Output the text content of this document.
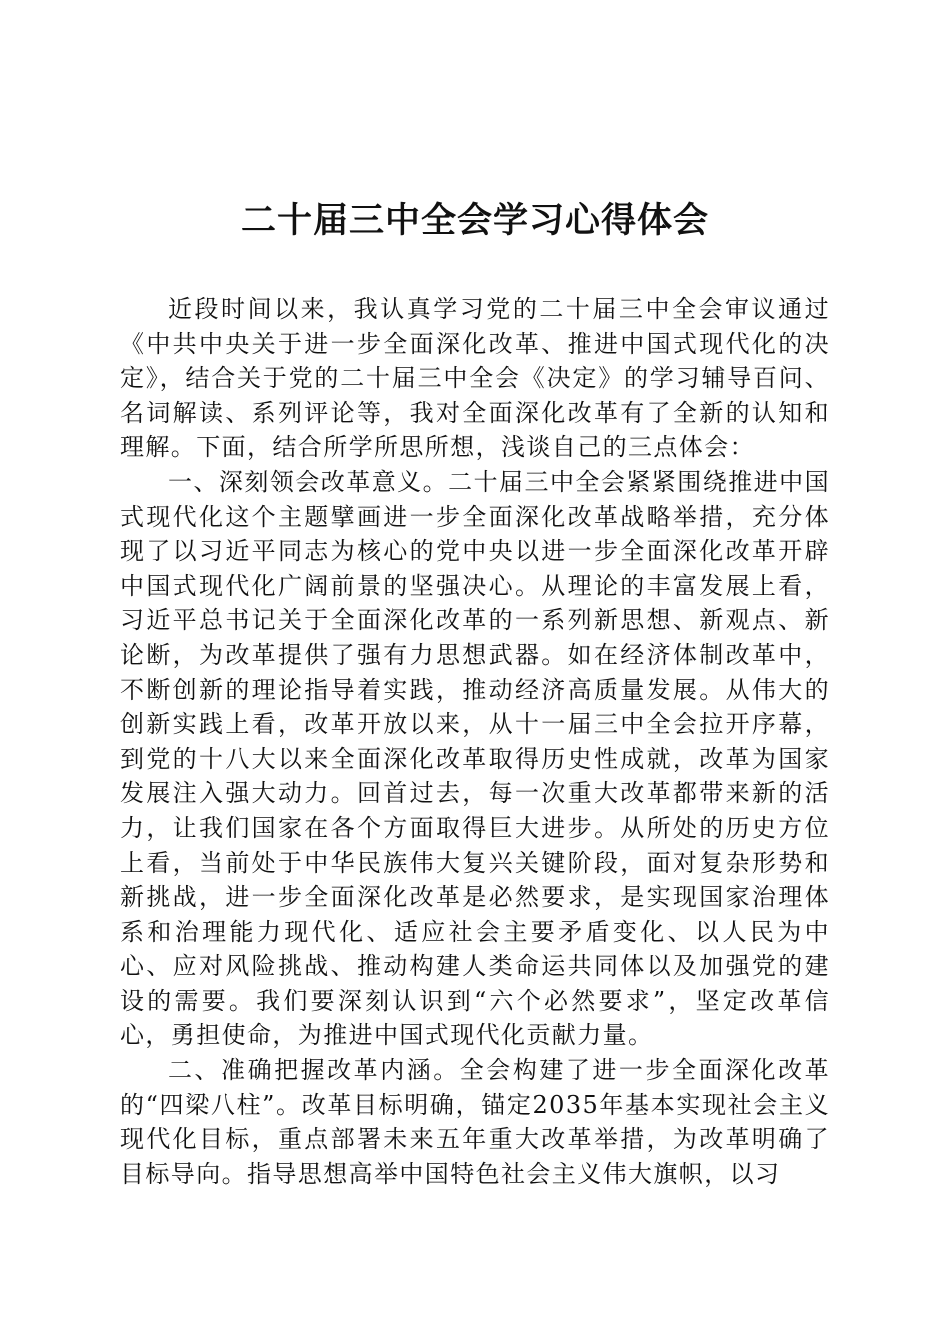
二十届三中全会学习心得体会

近段时间以来，我认真学习党的二十届三中全会审议通过《中共中央关于进一步全面深化改革、推进中国式现代化的决定》，结合关于党的二十届三中全会《决定》的学习辅导百问、名词解读、系列评论等，我对全面深化改革有了全新的认知和理解。下面，结合所学所思所想，浅谈自己的三点体会：

一、深刻领会改革意义。二十届三中全会紧紧围绕推进中国式现代化这个主题擘画进一步全面深化改革战略举措，充分体现了以习近平同志为核心的党中央以进一步全面深化改革开辟中国式现代化广阔前景的坚强决心。从理论的丰富发展上看，习近平总书记关于全面深化改革的一系列新思想、新观点、新论断，为改革提供了强有力思想武器。如在经济体制改革中，不断创新的理论指导着实践，推动经济高质量发展。从伟大的创新实践上看，改革开放以来，从十一届三中全会拉开序幕，到党的十八大以来全面深化改革取得历史性成就，改革为国家发展注入强大动力。回首过去，每一次重大改革都带来新的活力，让我们国家在各个方面取得巨大进步。从所处的历史方位上看，当前处于中华民族伟大复兴关键阶段，面对复杂形势和新挑战，进一步全面深化改革是必然要求，是实现国家治理体系和治理能力现代化、适应社会主要矛盾变化、以人民为中心、应对风险挑战、推动构建人类命运共同体以及加强党的建设的需要。我们要深刻认识到“六个必然要求”，坚定改革信心，勇担使命，为推进中国式现代化贡献力量。

二、准确把握改革内涵。全会构建了进一步全面深化改革的“四梁八柱”。改革目标明确，锚定2035年基本实现社会主义现代化目标，重点部署未来五年重大改革举措，为改革明确了目标导向。指导思想高举中国特色社会主义伟大旗帜，以习
